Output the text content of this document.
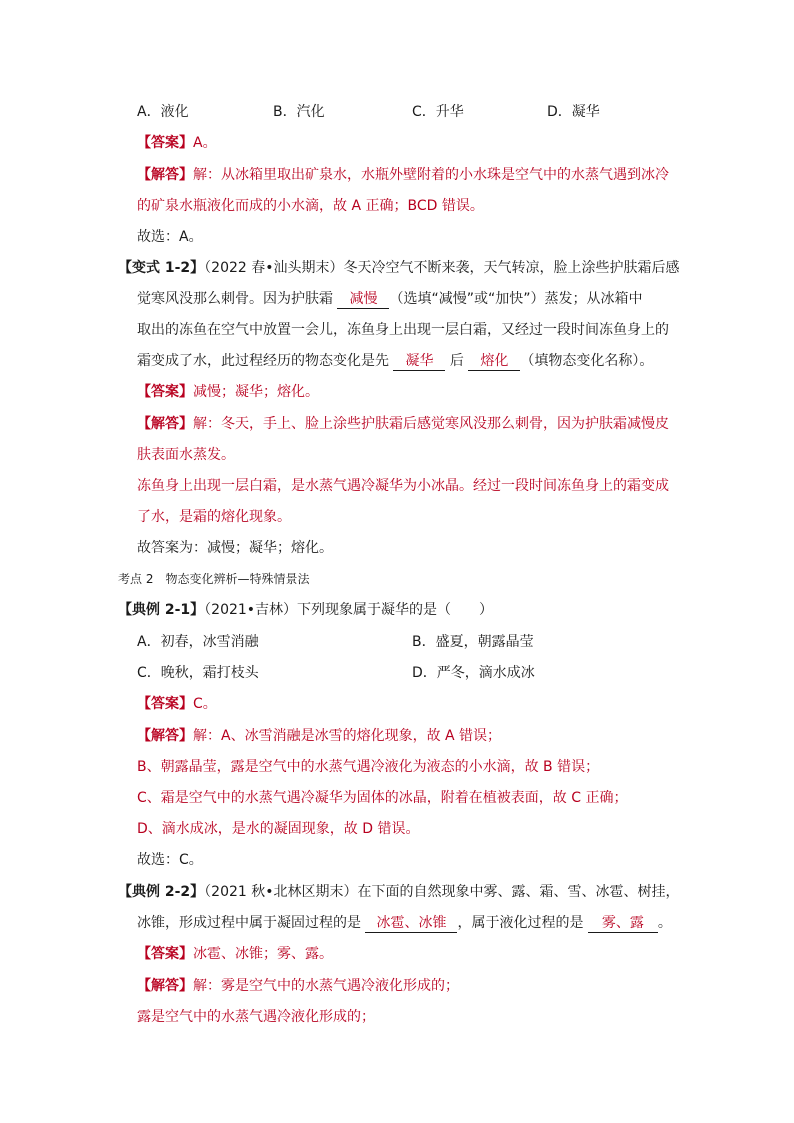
A．液化	B．汽化	C．升华	D．凝华
【答案】A。
【解答】解：从冰箱里取出矿泉水，水瓶外壁附着的小水珠是空气中的水蒸气遇到冰冷
的矿泉水瓶液化而成的小水滴，故 A 正确；BCD 错误。
故选：A。
【变式 1-2】（2022 春•汕头期末）冬天冷空气不断来袭，天气转凉，脸上涂些护肤霜后感
觉寒风没那么刺骨。因为护肤霜 减慢 （选填“减慢”或“加快”）蒸发；从冰箱中
取出的冻鱼在空气中放置一会儿，冻鱼身上出现一层白霜，又经过一段时间冻鱼身上的
霜变成了水，此过程经历的物态变化是先 凝华 后 熔化 （填物态变化名称）。
【答案】减慢；凝华；熔化。
【解答】解：冬天，手上、脸上涂些护肤霜后感觉寒风没那么刺骨，因为护肤霜减慢皮
肤表面水蒸发。
冻鱼身上出现一层白霜，是水蒸气遇冷凝华为小冰晶。经过一段时间冻鱼身上的霜变成
了水，是霜的熔化现象。
故答案为：减慢；凝华；熔化。
考点 2　物态变化辨析—特殊情景法
【典例 2-1】（2021•吉林）下列现象属于凝华的是（　　）
A．初春，冰雪消融	B．盛夏，朝露晶莹
C．晚秋，霜打枝头	D．严冬，滴水成冰
【答案】C。
【解答】解：A、冰雪消融是冰雪的熔化现象，故 A 错误；
B、朝露晶莹，露是空气中的水蒸气遇冷液化为液态的小水滴，故 B 错误；
C、霜是空气中的水蒸气遇冷凝华为固体的冰晶，附着在植被表面，故 C 正确；
D、滴水成冰，是水的凝固现象，故 D 错误。
故选：C。
【典例 2-2】（2021 秋•北林区期末）在下面的自然现象中雾、露、霜、雪、冰雹、树挂，
冰锥，形成过程中属于凝固过程的是 冰雹、冰锥 ，属于液化过程的是 雾、露 。
【答案】冰雹、冰锥；雾、露。
【解答】解：雾是空气中的水蒸气遇冷液化形成的；
露是空气中的水蒸气遇冷液化形成的；
